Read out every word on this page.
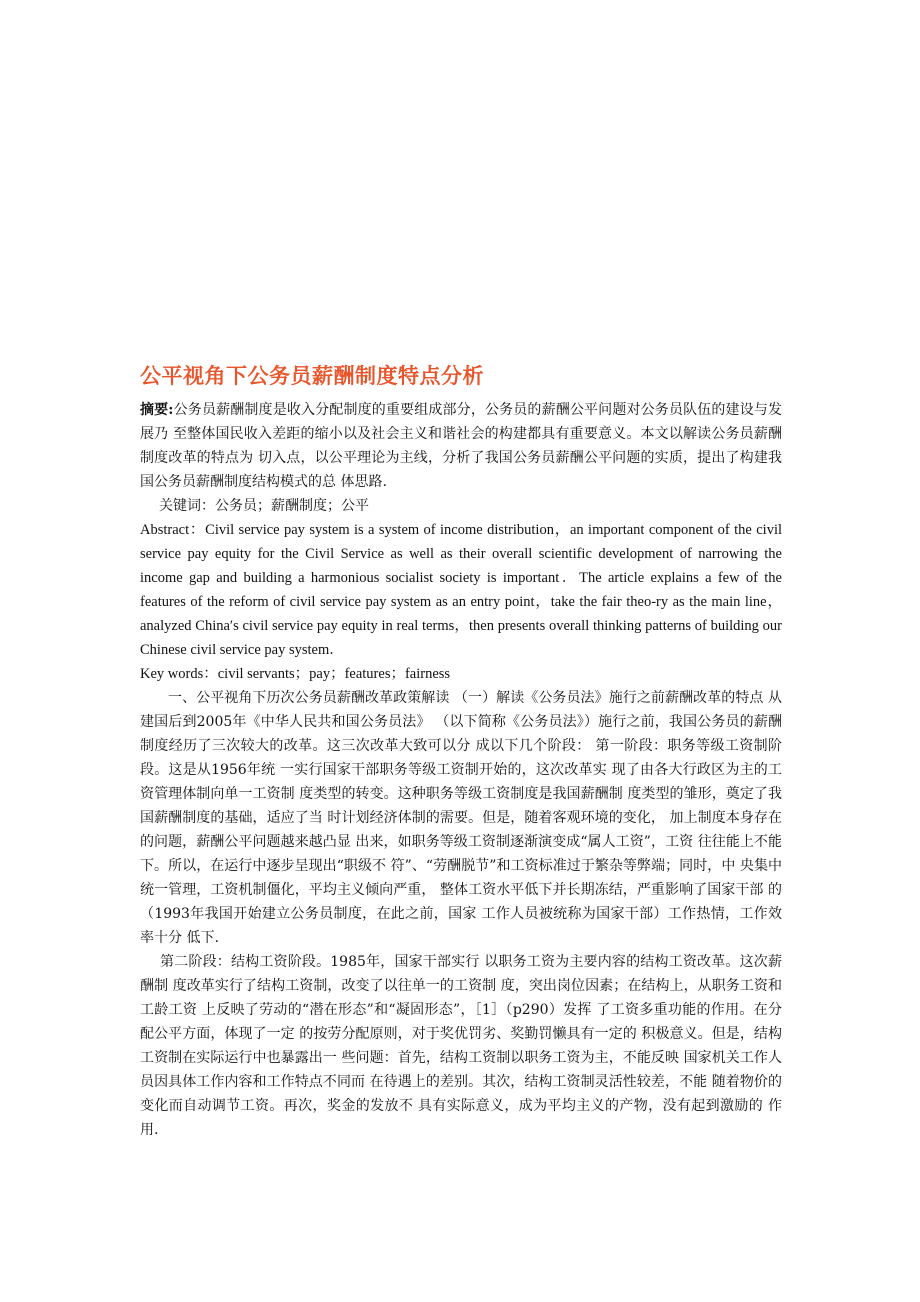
公平视角下公务员薪酬制度特点分析

摘要:公务员薪酬制度是收入分配制度的重要组成部分，公务员的薪酬公平问题对公务员队伍的建设与发展乃 至整体国民收入差距的缩小以及社会主义和谐社会的构建都具有重要意义。本文以解读公务员薪酬制度改革的特点为 切入点，以公平理论为主线，分析了我国公务员薪酬公平问题的实质，提出了构建我国公务员薪酬制度结构模式的总 体思路.

关键词：公务员；薪酬制度；公平

Abstract：Civil service pay system is a system of income distribution，an important component of the civil service pay equity for the Civil Service as well as their overall scientific development of narrowing the income gap and building a harmonious socialist society is important．The article explains a few of the features of the reform of civil service pay system as an entry point，take the fair theo-ry as the main line，analyzed China′s civil service pay equity in real terms，then presents overall thinking patterns of building our Chinese civil service pay system．

Key words：civil servants；pay；features；fairness

一、公平视角下历次公务员薪酬改革政策解读 （一）解读《公务员法》施行之前薪酬改革的特点 从建国后到2005年《中华人民共和国公务员法》 （以下简称《公务员法》）施行之前，我国公务员的薪酬 制度经历了三次较大的改革。这三次改革大致可以分 成以下几个阶段： 第一阶段：职务等级工资制阶段。这是从1956年统 一实行国家干部职务等级工资制开始的，这次改革实 现了由各大行政区为主的工资管理体制向单一工资制 度类型的转变。这种职务等级工资制度是我国薪酬制 度类型的雏形，奠定了我国薪酬制度的基础，适应了当 时计划经济体制的需要。但是，随着客观环境的变化， 加上制度本身存在的问题，薪酬公平问题越来越凸显 出来，如职务等级工资制逐渐演变成“属人工资”，工资 往往能上不能下。所以，在运行中逐步呈现出“职级不 符”、“劳酬脱节”和工资标准过于繁杂等弊端；同时，中 央集中统一管理，工资机制僵化，平均主义倾向严重， 整体工资水平低下并长期冻结，严重影响了国家干部 的（1993年我国开始建立公务员制度，在此之前，国家 工作人员被统称为国家干部）工作热情，工作效率十分 低下.

第二阶段：结构工资阶段。1985年，国家干部实行 以职务工资为主要内容的结构工资改革。这次薪酬制 度改革实行了结构工资制，改变了以往单一的工资制 度，突出岗位因素；在结构上，从职务工资和工龄工资 上反映了劳动的“潜在形态”和“凝固形态”，［1］（p290）发挥 了工资多重功能的作用。在分配公平方面，体现了一定 的按劳分配原则，对于奖优罚劣、奖勤罚懒具有一定的 积极意义。但是，结构工资制在实际运行中也暴露出一 些问题：首先，结构工资制以职务工资为主，不能反映 国家机关工作人员因具体工作内容和工作特点不同而 在待遇上的差别。其次，结构工资制灵活性较差，不能 随着物价的变化而自动调节工资。再次，奖金的发放不 具有实际意义，成为平均主义的产物，没有起到激励的 作用.
